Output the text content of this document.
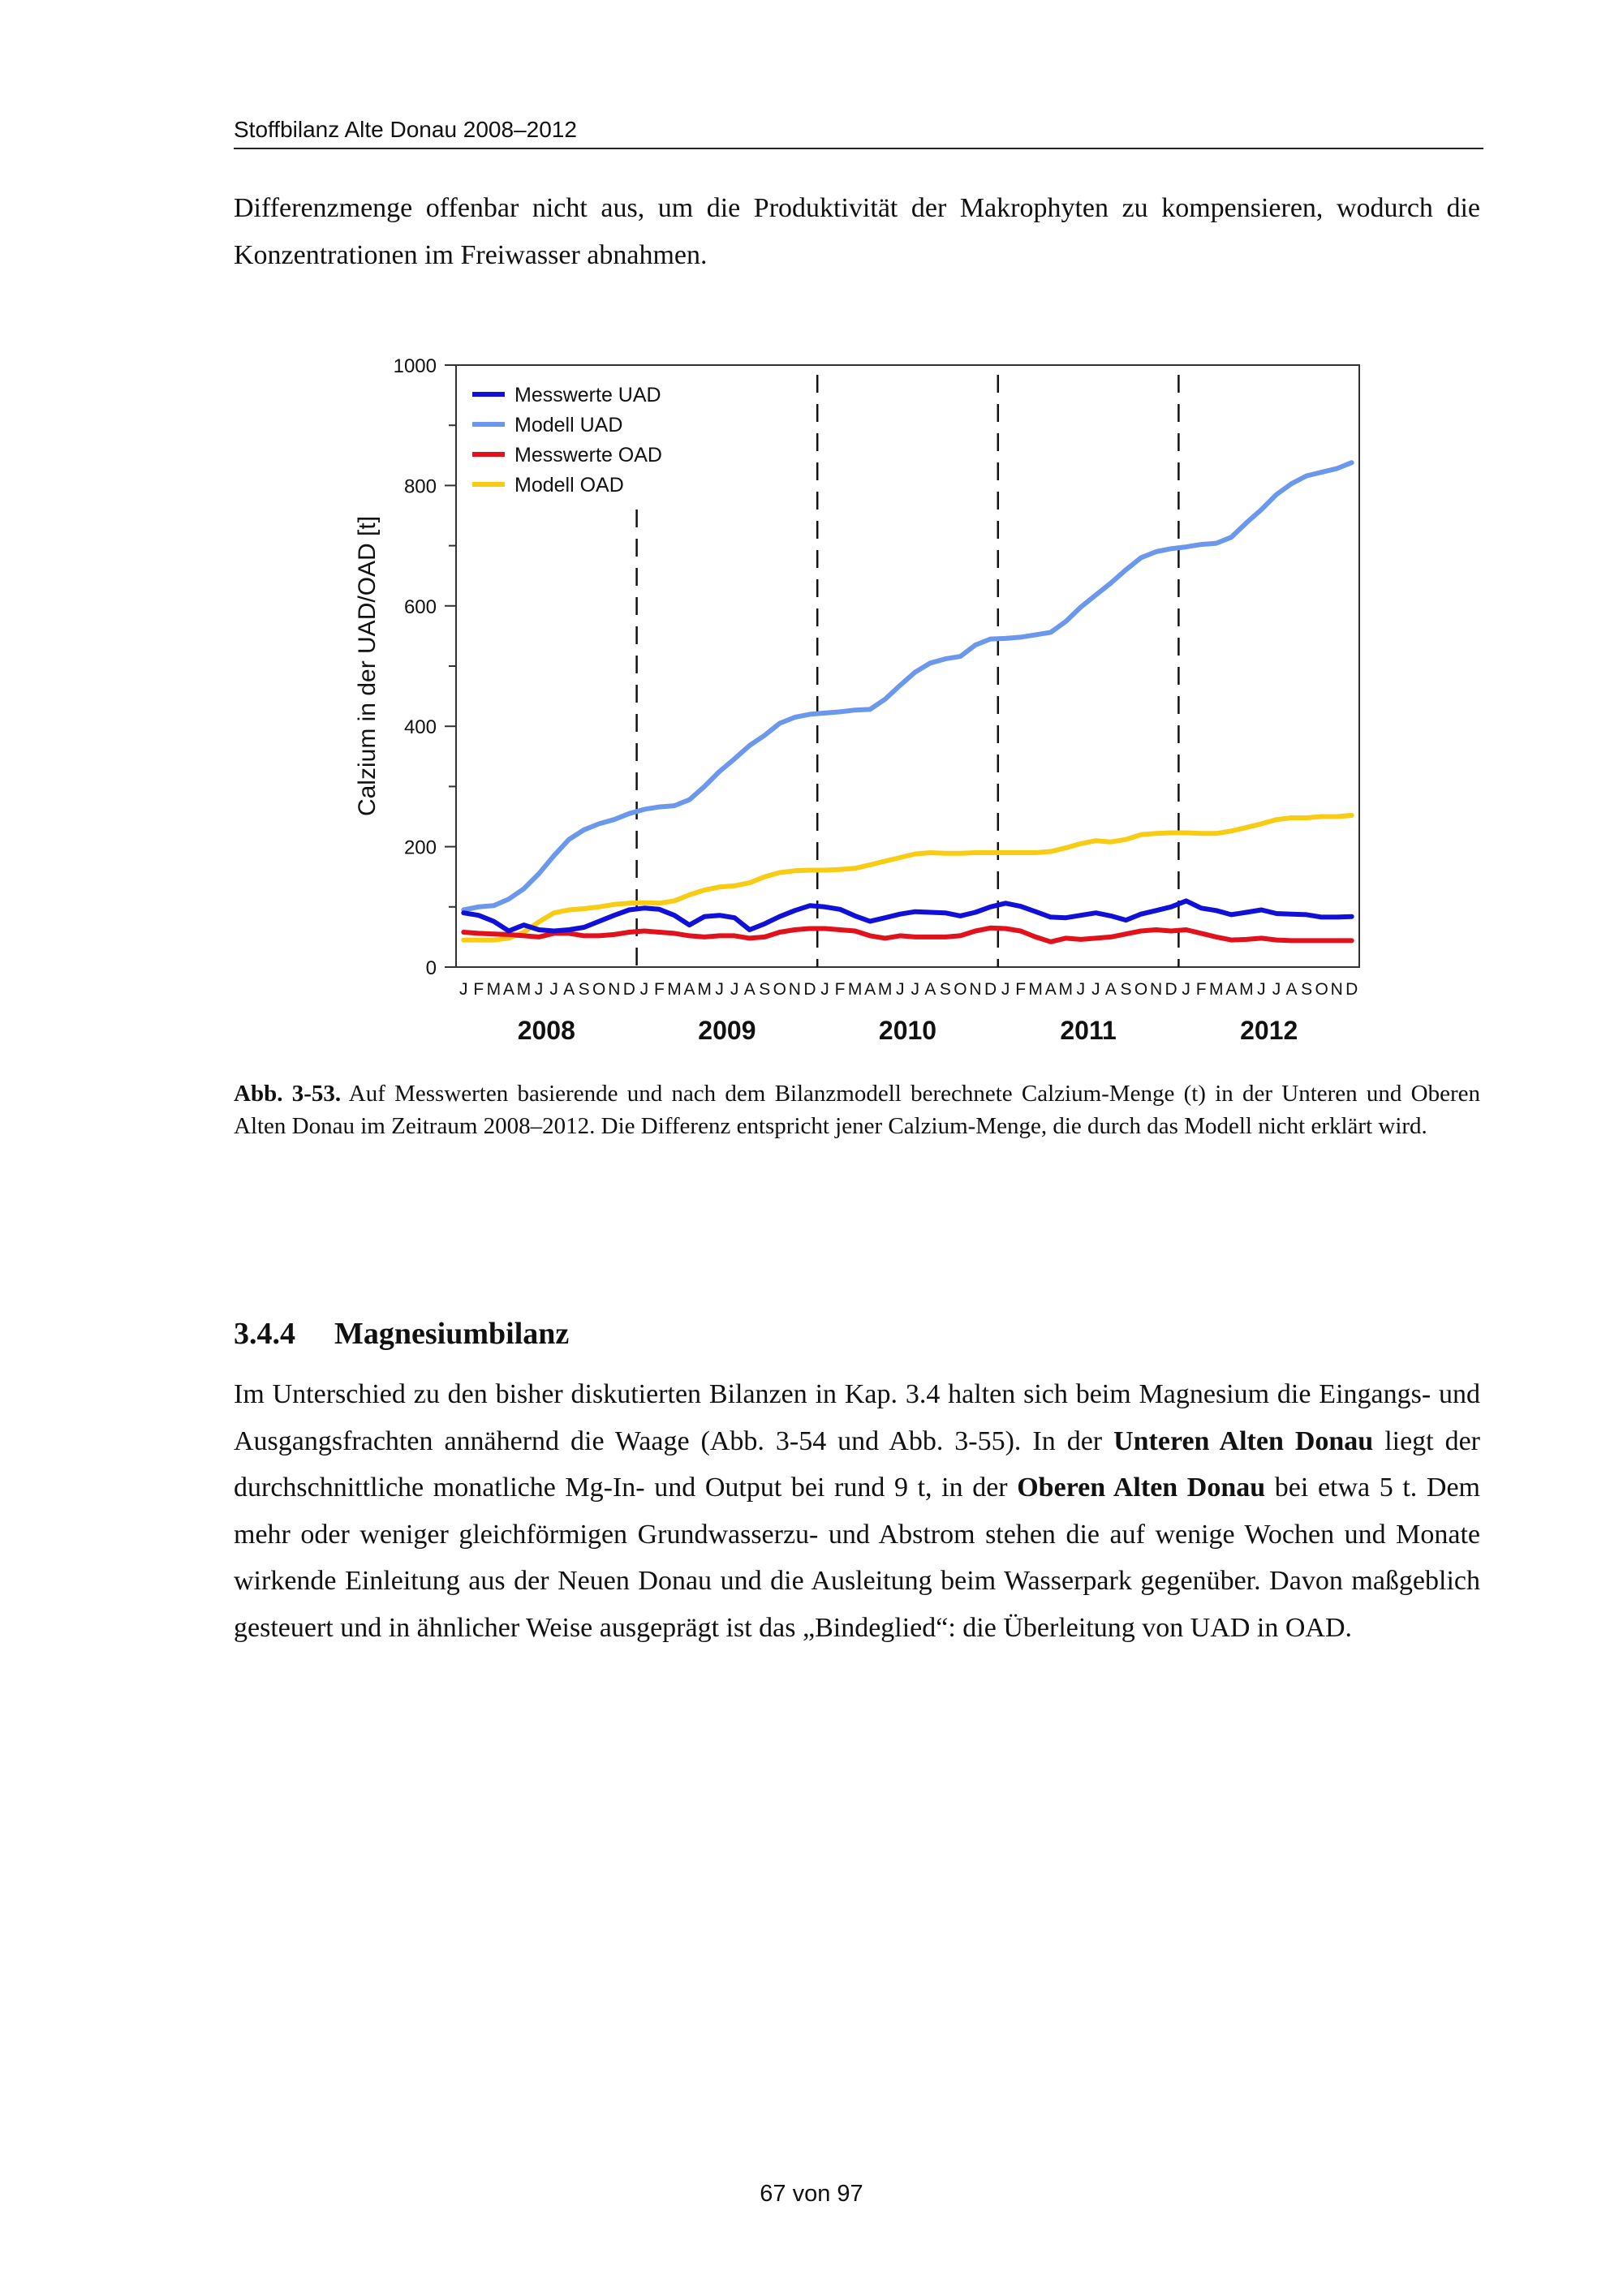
Stoffbilanz Alte Donau 2008–2012

Differenzmenge offenbar nicht aus, um die Produktivität der Makrophyten zu kompensieren, wodurch die Konzentrationen im Freiwasser abnahmen.

0
200
400
600
800
1000
Calzium in der UAD/OAD [t]
J F M A M J J A S O N D J F M A M J J A S O N D J F M A M J J A S O N D J F M A M J J A S O N D J F M A M J J A S O N D
2008	2009	2010	2011	2012
Messwerte UAD
Modell UAD
Messwerte OAD
Modell OAD
Abb. 3-53. Auf Messwerten basierende und nach dem Bilanzmodell berechnete Calzium-Menge (t) in der Unteren und Oberen Alten Donau im Zeitraum 2008–2012. Die Differenz entspricht jener Calzium-Menge, die durch das Modell nicht erklärt wird.
3.4.4 Magnesiumbilanz

Im Unterschied zu den bisher diskutierten Bilanzen in Kap. 3.4 halten sich beim Magnesium die Eingangs- und Ausgangsfrachten annähernd die Waage (Abb. 3-54 und Abb. 3-55). In der Unteren Alten Donau liegt der durchschnittliche monatliche Mg-In- und Output bei rund 9 t, in der Oberen Alten Donau bei etwa 5 t. Dem mehr oder weniger gleichförmigen Grundwasserzu- und Abstrom stehen die auf wenige Wochen und Monate wirkende Einleitung aus der Neuen Donau und die Ausleitung beim Wasserpark gegenüber. Davon maßgeblich gesteuert und in ähnlicher Weise ausgeprägt ist das „Bindeglied“: die Überleitung von UAD in OAD.

67 von 97
